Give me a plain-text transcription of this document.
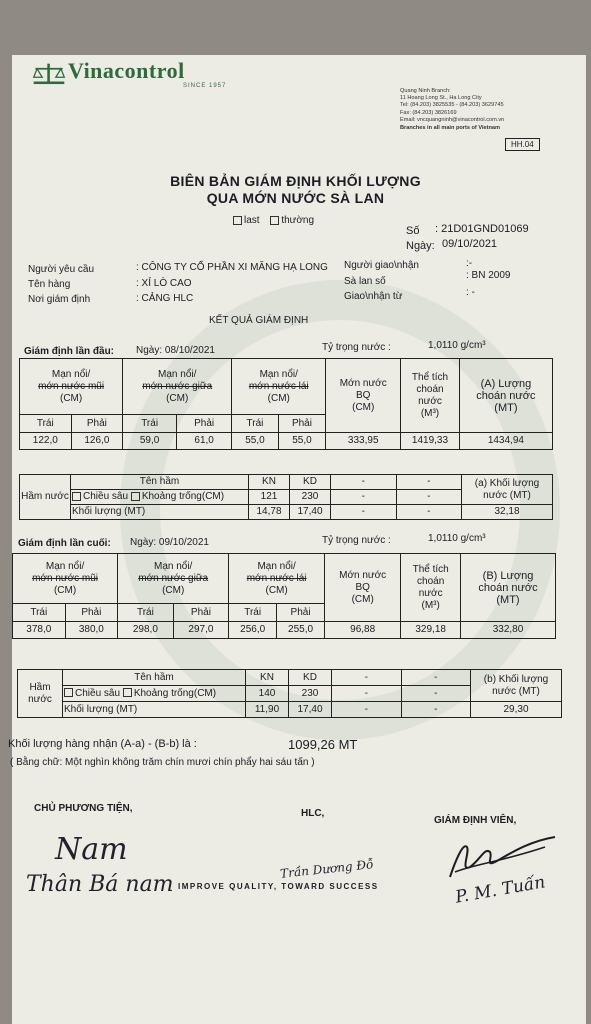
Vinacontrol
SINCE 1957
Quang Ninh Branch:
11 Hoang Long St., Ha Long City
Tel: (84.203) 3825535 - (84.203) 3629745
Fax: (84.203) 3826169
Email: vncquangninh@vinacontrol.com.vn
Branches in all main ports of Vietnam
HH.04
BIÊN BẢN GIÁM ĐỊNH KHỐI LƯỢNG
QUA MỚN NƯỚC SÀ LAN
last thường
Số : 21D01GND01069
Ngày: 09/10/2021
Người yêu cầu	: CÔNG TY CỔ PHẦN XI MĂNG HẠ LONG
Tên hàng	: XỈ LÒ CAO
Nơi giám định	: CẢNG HLC
Người giao\nhận	:-
Sà lan số
: BN 2009
Giao\nhận từ	: -
KẾT QUẢ GIÁM ĐỊNH
Giám định lần đầu: Ngày: 08/10/2021	Tỷ trọng nước :	1,0110 g/cm³
Mạn nổi/
mớn nước mũi
(CM)		Mạn nổi/
mớn nước giữa
(CM)		Mạn nổi/
mớn nước lái
(CM)		Mớn nước
BQ
(CM)	Thể tích
choán
nước
(M³)	(A) Lượng
choán nước
(MT)
Trái	Phải	Trái	Phải	Trái	Phải			
122,0	126,0	59,0	61,0	55,0	55,0	333,95	1419,33	1434,94
Hầm nước	Tên hầm	KN	KD	-	-	(a) Khối lượng
nước (MT)
	Chiều sâu Khoảng trống(CM)	121	230	-	-	
	Khối lượng (MT)	14,78	17,40	-	-	32,18
Giám định lần cuối: Ngày: 09/10/2021	Tỷ trọng nước :	1,0110 g/cm³
Mạn nổi/
mớn nước mũi
(CM)		Mạn nổi/
mớn nước giữa
(CM)		Mạn nổi/
mớn nước lái
(CM)		Mớn nước
BQ
(CM)	Thể tích
choán
nước
(M³)	(B) Lượng
choán nước
(MT)
Trái	Phải	Trái	Phải	Trái	Phải			
378,0	380,0	298,0	297,0	256,0	255,0	96,88	329,18	332,80
Hầm nước	Tên hầm	KN	KD	-	-	(b) Khối lượng
nước (MT)
	Chiều sâu Khoảng trống(CM)	140	230	-	-	
	Khối lượng (MT)	11,90	17,40	-	-	29,30
Khối lượng hàng nhận (A-a) - (B-b) là :	1099,26 MT
( Bằng chữ: Một nghìn không trăm chín mươi chín phẩy hai sáu tấn )
CHỦ PHƯƠNG TIỆN,	HLC,
GIÁM ĐỊNH VIÊN,
Nam
Thân Bá nam
Trần Dương Đỗ
P. M. Tuấn
IMPROVE QUALITY, TOWARD SUCCESS
